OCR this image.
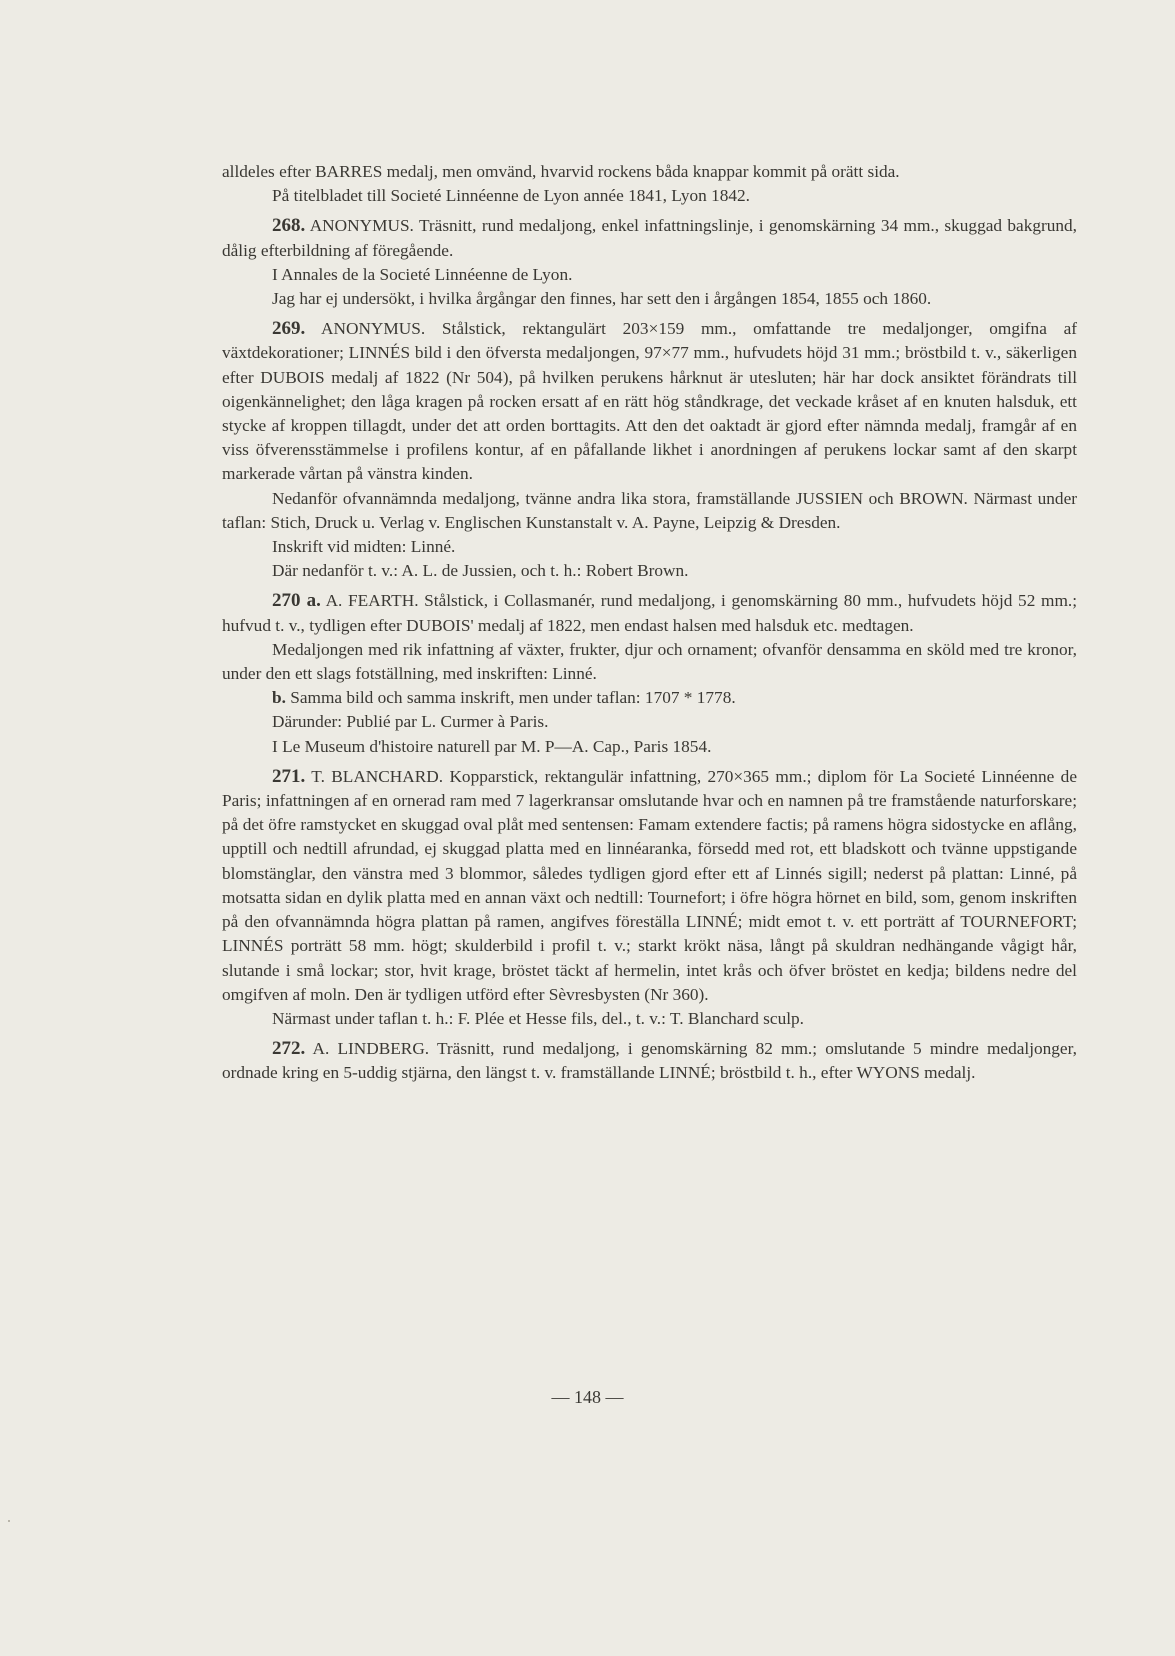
alldeles efter BARRES medalj, men omvänd, hvarvid rockens båda knappar kommit på orätt sida.

På titelbladet till Societé Linnéenne de Lyon année 1841, Lyon 1842.

268. ANONYMUS. Träsnitt, rund medaljong, enkel infattningslinje, i genomskärning 34 mm., skuggad bakgrund, dålig efterbildning af föregående.

I Annales de la Societé Linnéenne de Lyon.

Jag har ej undersökt, i hvilka årgångar den finnes, har sett den i årgången 1854, 1855 och 1860.

269. ANONYMUS. Stålstick, rektangulärt 203×159 mm., omfattande tre medaljonger, omgifna af växtdekorationer; LINNÉS bild i den öfversta medaljongen, 97×77 mm., hufvudets höjd 31 mm.; bröstbild t. v., säkerligen efter DUBOIS medalj af 1822 (Nr 504), på hvilken perukens hårknut är utesluten; här har dock ansiktet förändrats till oigenkännelighet; den låga kragen på rocken ersatt af en rätt hög ståndkrage, det veckade kråset af en knuten halsduk, ett stycke af kroppen tillagdt, under det att orden borttagits. Att den det oaktadt är gjord efter nämnda medalj, framgår af en viss öfverensstämmelse i profilens kontur, af en påfallande likhet i anordningen af perukens lockar samt af den skarpt markerade vårtan på vänstra kinden.

Nedanför ofvannämnda medaljong, tvänne andra lika stora, framställande JUSSIEN och BROWN. Närmast under taflan: Stich, Druck u. Verlag v. Englischen Kunstanstalt v. A. Payne, Leipzig & Dresden.

Inskrift vid midten: Linné.

Där nedanför t. v.: A. L. de Jussien, och t. h.: Robert Brown.

270 a. A. FEARTH. Stålstick, i Collasmanér, rund medaljong, i genomskärning 80 mm., hufvudets höjd 52 mm.; hufvud t. v., tydligen efter DUBOIS' medalj af 1822, men endast halsen med halsduk etc. medtagen.

Medaljongen med rik infattning af växter, frukter, djur och ornament; ofvanför densamma en sköld med tre kronor, under den ett slags fotställning, med inskriften: Linné.

b. Samma bild och samma inskrift, men under taflan: 1707 * 1778.

Därunder: Publié par L. Curmer à Paris.

I Le Museum d'histoire naturell par M. P—A. Cap., Paris 1854.

271. T. BLANCHARD. Kopparstick, rektangulär infattning, 270×365 mm.; diplom för La Societé Linnéenne de Paris; infattningen af en ornerad ram med 7 lagerkransar omslutande hvar och en namnen på tre framstående naturforskare; på det öfre ramstycket en skuggad oval plåt med sentensen: Famam extendere factis; på ramens högra sidostycke en aflång, upptill och nedtill afrundad, ej skuggad platta med en linnéaranka, försedd med rot, ett bladskott och tvänne uppstigande blomstänglar, den vänstra med 3 blommor, således tydligen gjord efter ett af Linnés sigill; nederst på plattan: Linné, på motsatta sidan en dylik platta med en annan växt och nedtill: Tournefort; i öfre högra hörnet en bild, som, genom inskriften på den ofvannämnda högra plattan på ramen, angifves föreställa LINNÉ; midt emot t. v. ett porträtt af TOURNEFORT; LINNÉS porträtt 58 mm. högt; skulderbild i profil t. v.; starkt krökt näsa, långt på skuldran nedhängande vågigt hår, slutande i små lockar; stor, hvit krage, bröstet täckt af hermelin, intet krås och öfver bröstet en kedja; bildens nedre del omgifven af moln. Den är tydligen utförd efter Sèvresbysten (Nr 360).

Närmast under taflan t. h.: F. Plée et Hesse fils, del., t. v.: T. Blanchard sculp.

272. A. LINDBERG. Träsnitt, rund medaljong, i genomskärning 82 mm.; omslutande 5 mindre medaljonger, ordnade kring en 5-uddig stjärna, den längst t. v. framställande LINNÉ; bröstbild t. h., efter WYONS medalj.

— 148 —
